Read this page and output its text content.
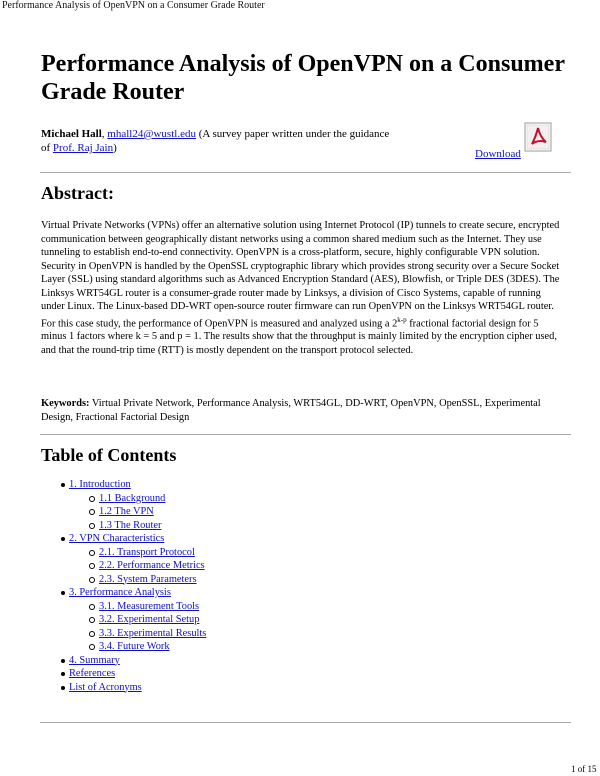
Performance Analysis of OpenVPN on a Consumer Grade Router
Performance Analysis of OpenVPN on a Consumer Grade Router
Michael Hall, mhall24@wustl.edu (A survey paper written under the guidance of Prof. Raj Jain)	Download
Abstract:
Virtual Private Networks (VPNs) offer an alternative solution using Internet Protocol (IP) tunnels to create secure, encrypted communication between geographically distant networks using a common shared medium such as the Internet. They use tunneling to establish end-to-end connectivity. OpenVPN is a cross-platform, secure, highly configurable VPN solution. Security in OpenVPN is handled by the OpenSSL cryptographic library which provides strong security over a Secure Socket Layer (SSL) using standard algorithms such as Advanced Encryption Standard (AES), Blowfish, or Triple DES (3DES). The Linksys WRT54GL router is a consumer-grade router made by Linksys, a division of Cisco Systems, capable of running under Linux. The Linux-based DD-WRT open-source router firmware can run OpenVPN on the Linksys WRT54GL router. For this case study, the performance of OpenVPN is measured and analyzed using a 2$^{k-p}$ fractional factorial design for 5 minus 1 factors where k = 5 and p = 1. The results show that the throughput is mainly limited by the encryption cipher used, and that the round-trip time (RTT) is mostly dependent on the transport protocol selected.
Keywords: Virtual Private Network, Performance Analysis, WRT54GL, DD-WRT, OpenVPN, OpenSSL, Experimental Design, Fractional Factorial Design
Table of Contents
1. Introduction
1.1 Background
1.2 The VPN
1.3 The Router
2. VPN Characteristics
2.1. Transport Protocol
2.2. Performance Metrics
2.3. System Parameters
3. Performance Analysis
3.1. Measurement Tools
3.2. Experimental Setup
3.3. Experimental Results
3.4. Future Work
4. Summary
References
List of Acronyms
1 of 15
